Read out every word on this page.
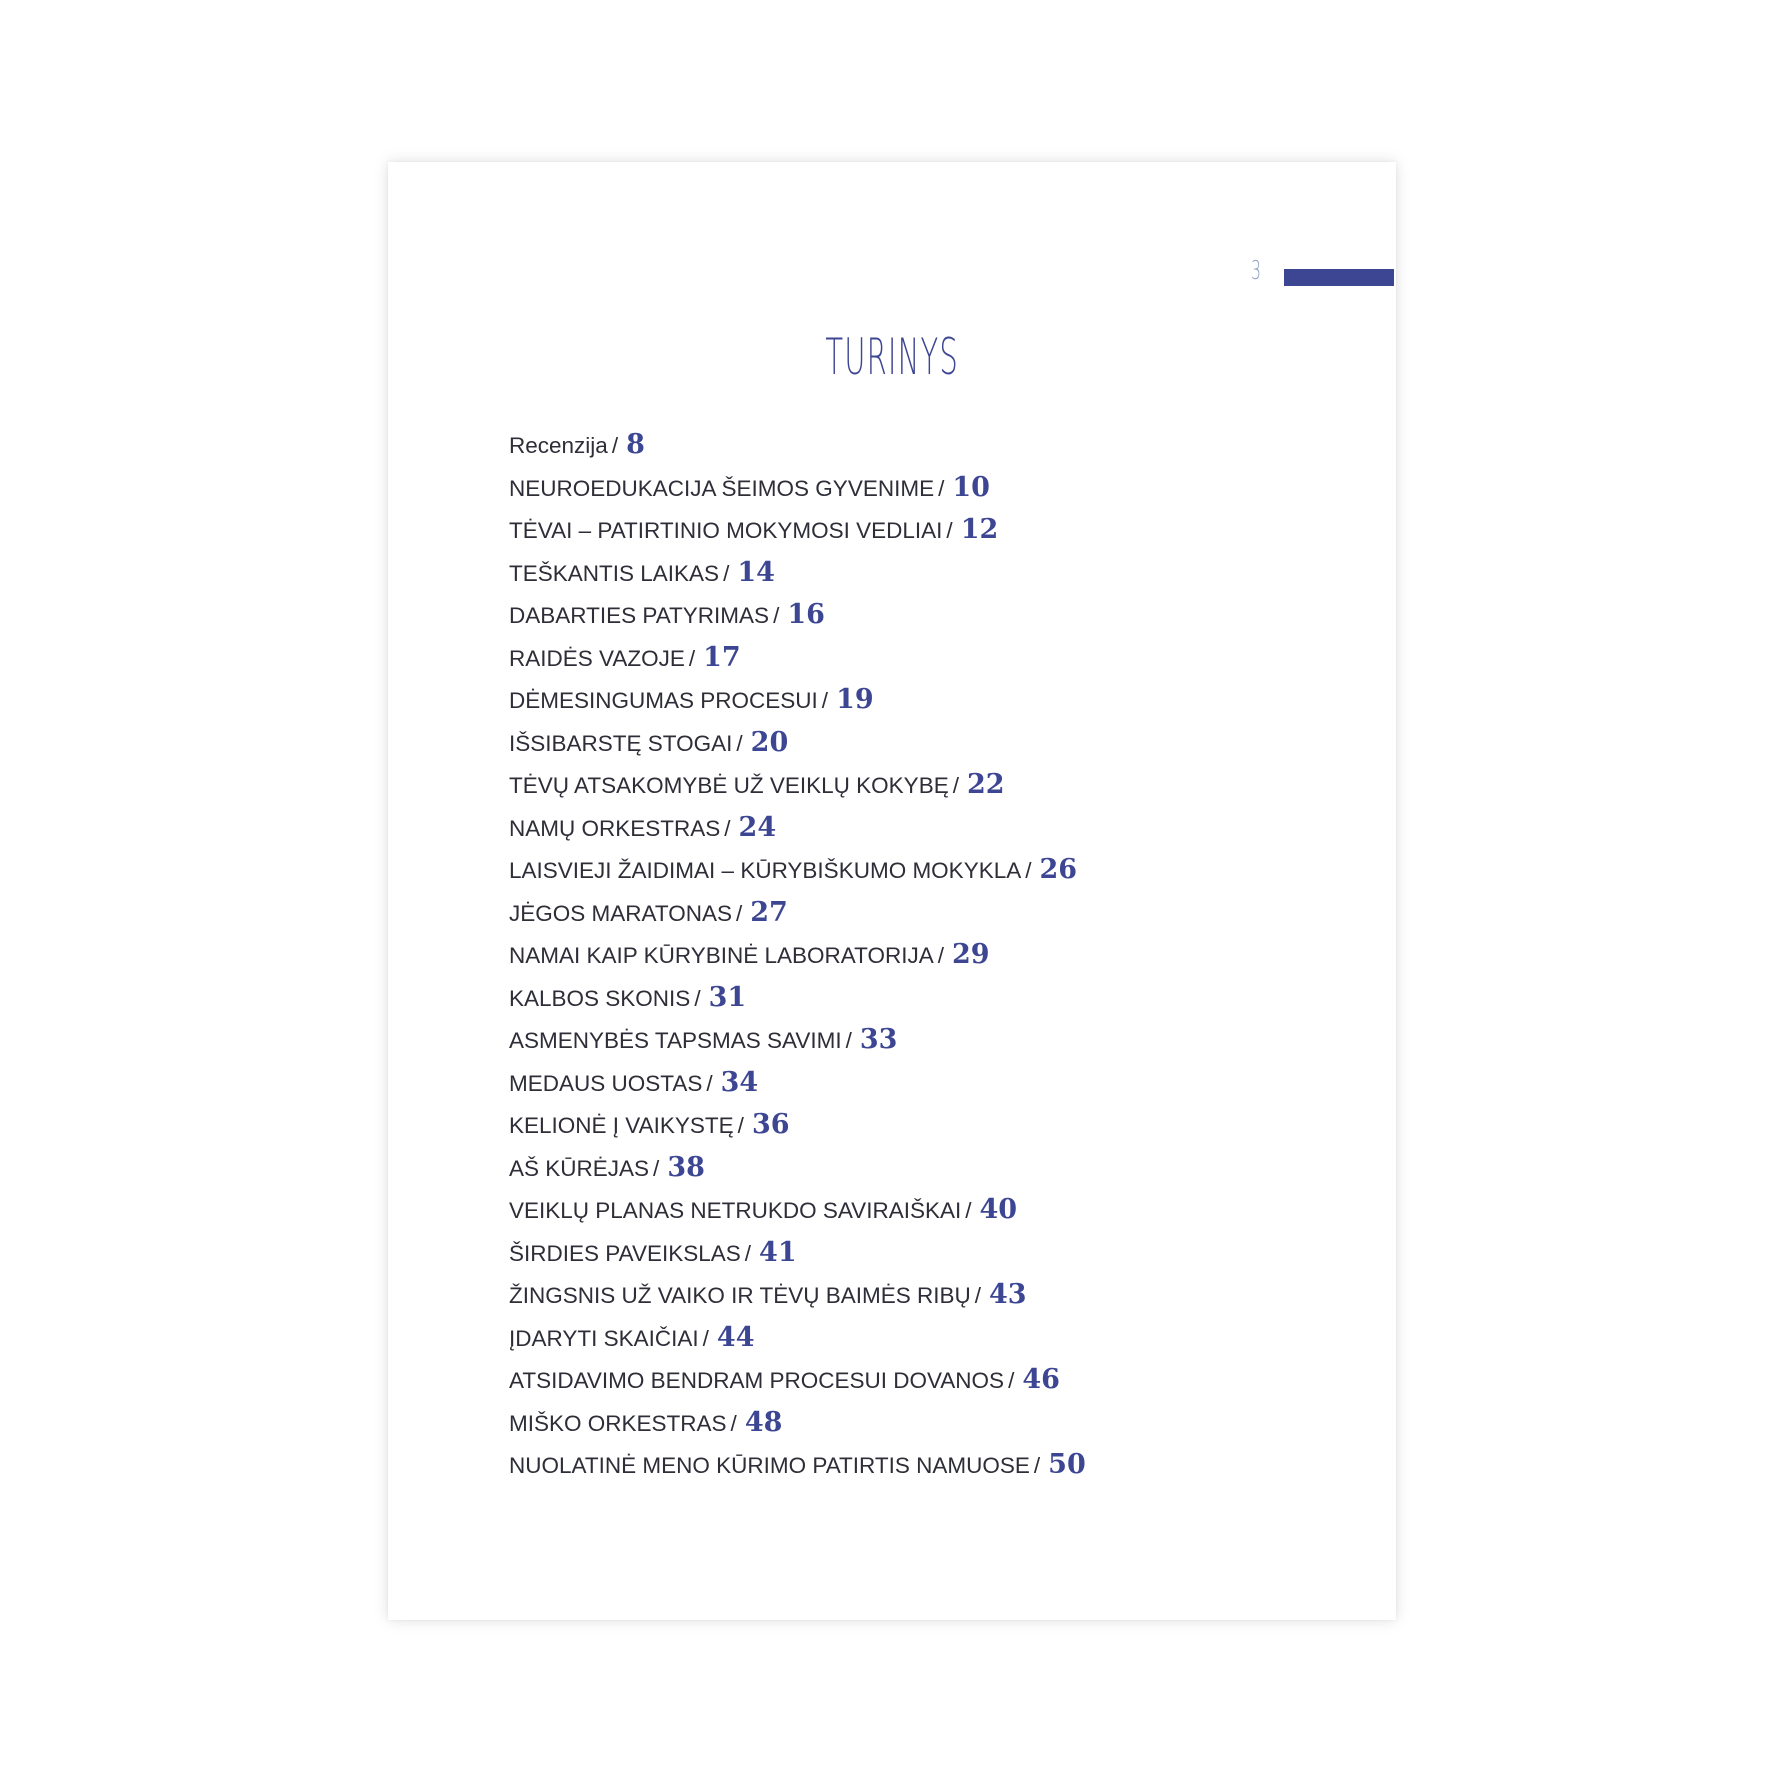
3
TURINYS
Recenzija / 8
NEUROEDUKACIJA ŠEIMOS GYVENIME / 10
TĖVAI – PATIRTINIO MOKYMOSI VEDLIAI / 12
TEŠKANTIS LAIKAS / 14
DABARTIES PATYRIMAS / 16
RAIDĖS VAZOJE / 17
DĖMESINGUMAS PROCESUI / 19
IŠSIBARSTĘ STOGAI / 20
TĖVŲ ATSAKOMYBĖ UŽ VEIKLŲ KOKYBĘ / 22
NAMŲ ORKESTRAS / 24
LAISVIEJI ŽAIDIMAI – KŪRYBIŠKUMO MOKYKLA / 26
JĖGOS MARATONAS / 27
NAMAI KAIP KŪRYBINĖ LABORATORIJA / 29
KALBOS SKONIS / 31
ASMENYBĖS TAPSMAS SAVIMI / 33
MEDAUS UOSTAS / 34
KELIONĖ Į VAIKYSTĘ / 36
AŠ KŪRĖJAS / 38
VEIKLŲ PLANAS NETRUKDO SAVIRAIŠKAI / 40
ŠIRDIES PAVEIKSLAS / 41
ŽINGSNIS UŽ VAIKO IR TĖVŲ BAIMĖS RIBŲ / 43
ĮDARYTI SKAIČIAI / 44
ATSIDAVIMO BENDRAM PROCESUI DOVANOS / 46
MIŠKO ORKESTRAS / 48
NUOLATINĖ MENO KŪRIMO PATIRTIS NAMUOSE / 50
